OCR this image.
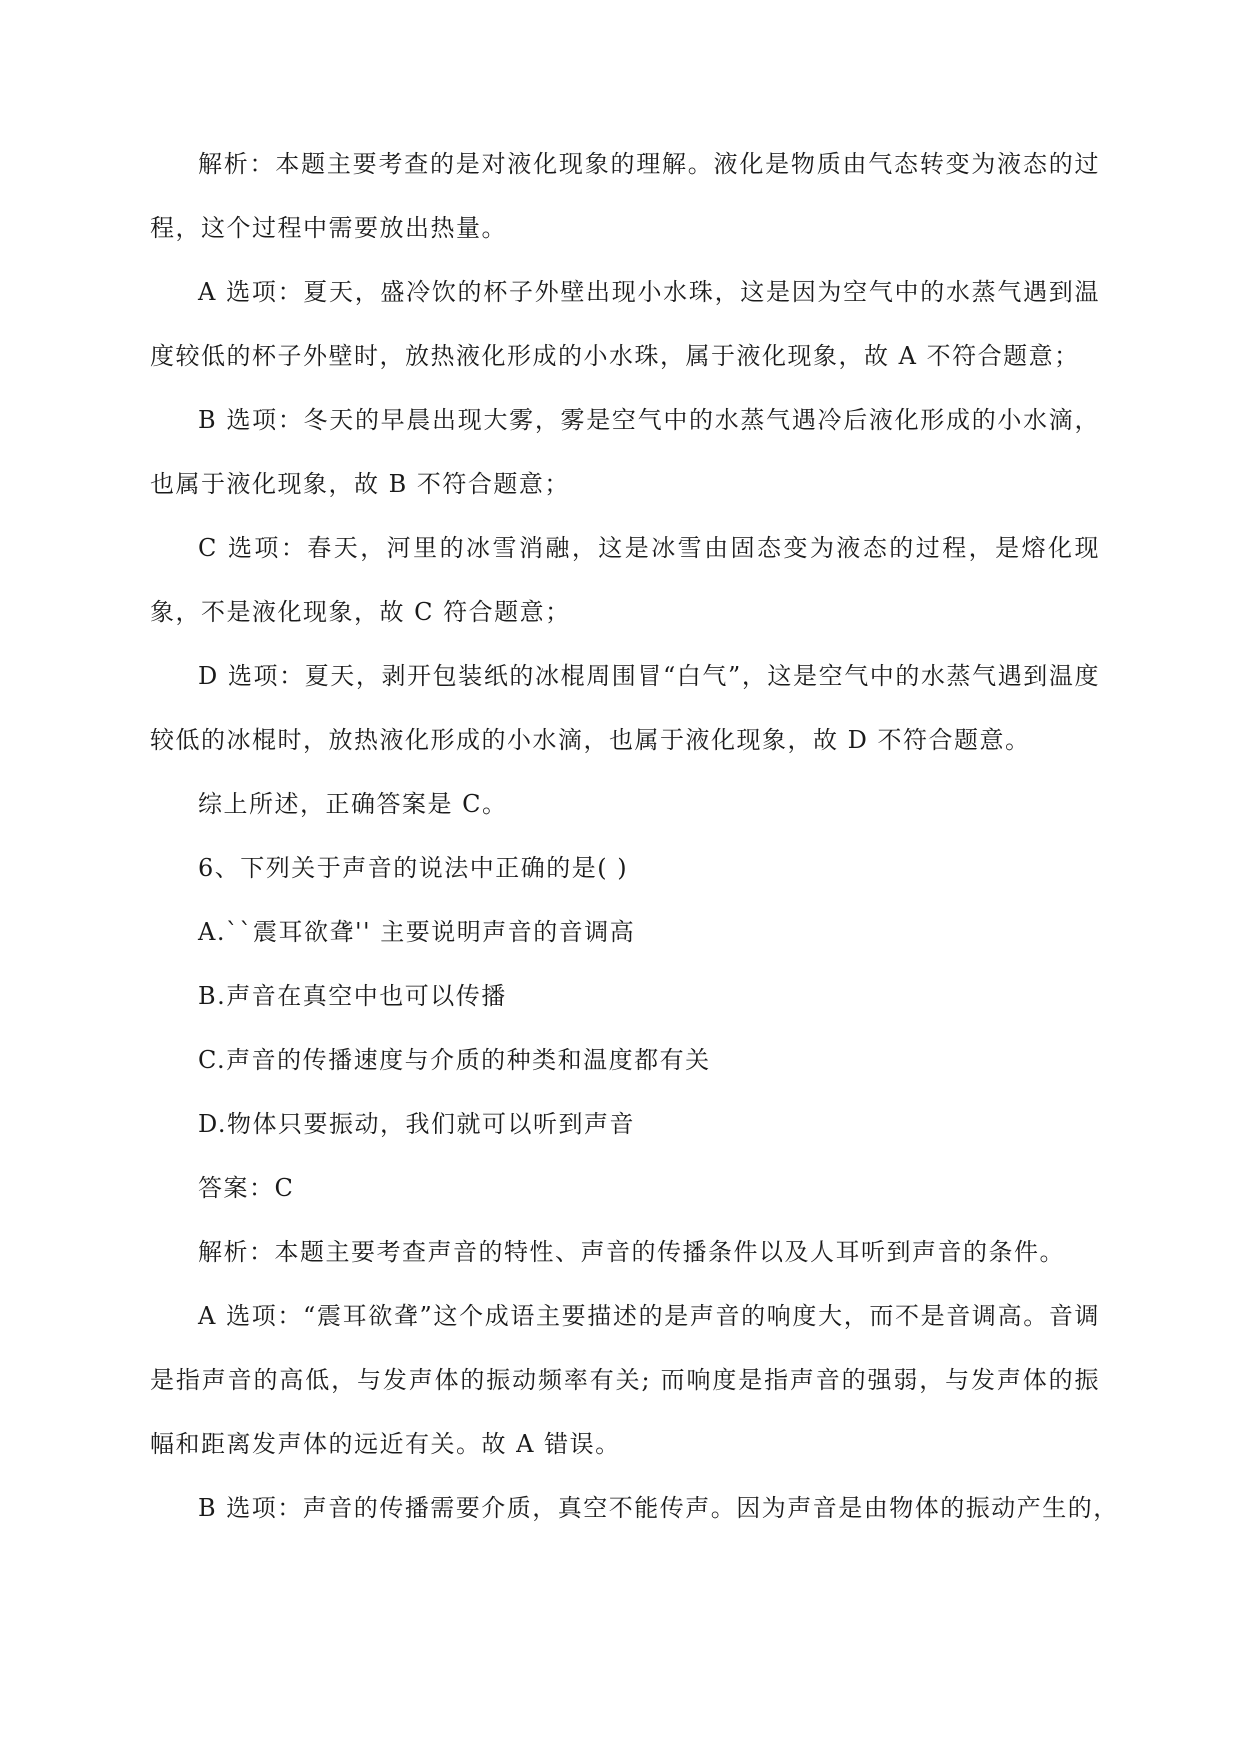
解析：本题主要考查的是对液化现象的理解。液化是物质由气态转变为液态的过程，这个过程中需要放出热量。

A 选项：夏天，盛冷饮的杯子外壁出现小水珠，这是因为空气中的水蒸气遇到温度较低的杯子外壁时，放热液化形成的小水珠，属于液化现象，故 A 不符合题意；

B 选项：冬天的早晨出现大雾，雾是空气中的水蒸气遇冷后液化形成的小水滴，也属于液化现象，故 B 不符合题意；

C 选项：春天，河里的冰雪消融，这是冰雪由固态变为液态的过程，是熔化现象，不是液化现象，故 C 符合题意；

D 选项：夏天，剥开包装纸的冰棍周围冒“白气”，这是空气中的水蒸气遇到温度较低的冰棍时，放热液化形成的小水滴，也属于液化现象，故 D 不符合题意。

综上所述，正确答案是 C。

6、下列关于声音的说法中正确的是( )

A.``震耳欲聋'' 主要说明声音的音调高

B.声音在真空中也可以传播

C.声音的传播速度与介质的种类和温度都有关

D.物体只要振动，我们就可以听到声音

答案：C

解析：本题主要考查声音的特性、声音的传播条件以及人耳听到声音的条件。

A 选项：“震耳欲聋”这个成语主要描述的是声音的响度大，而不是音调高。音调是指声音的高低，与发声体的振动频率有关; 而响度是指声音的强弱，与发声体的振幅和距离发声体的远近有关。故 A 错误。

B 选项：声音的传播需要介质，真空不能传声。因为声音是由物体的振动产生的，
